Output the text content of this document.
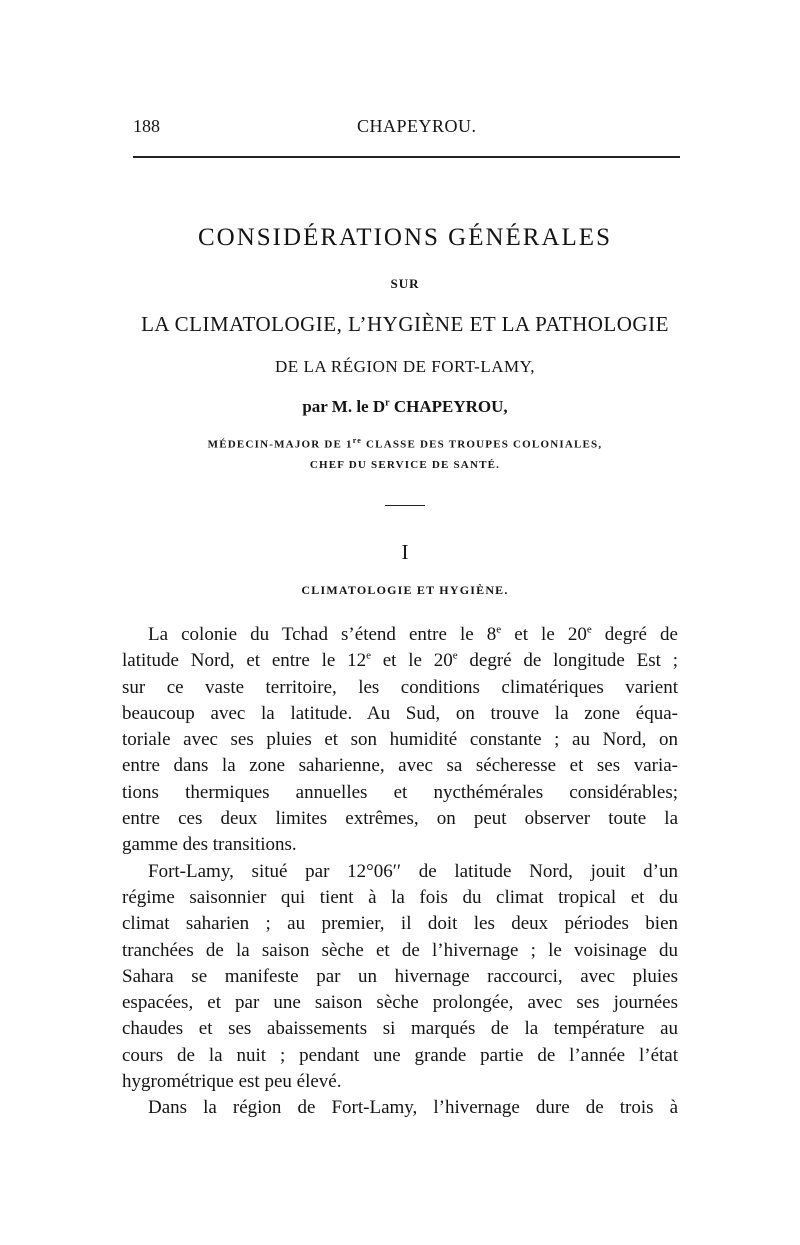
188	CHAPEYROU.
CONSIDÉRATIONS GÉNÉRALES
SUR
LA CLIMATOLOGIE, L’HYGIÈNE ET LA PATHOLOGIE
DE LA RÉGION DE FORT-LAMY,
par M. le $D^r$ CHAPEYROU,
MÉDECIN-MAJOR DE 1re CLASSE DES TROUPES COLONIALES,
CHEF DU SERVICE DE SANTÉ.
I
CLIMATOLOGIE ET HYGIÈNE.
La colonie du Tchad s’étend entre le 8e et le 20e degré de
latitude Nord, et entre le 12e et le 20e degré de longitude Est ;
sur ce vaste territoire, les conditions climatériques varient
beaucoup avec la latitude. Au Sud, on trouve la zone équa-
toriale avec ses pluies et son humidité constante ; au Nord, on
entre dans la zone saharienne, avec sa sécheresse et ses varia-
tions thermiques annuelles et nycthémérales considérables;
entre ces deux limites extrêmes, on peut observer toute la
gamme des transitions.
Fort-Lamy, situé par 12°06′′ de latitude Nord, jouit d’un
régime saisonnier qui tient à la fois du climat tropical et du
climat saharien ; au premier, il doit les deux périodes bien
tranchées de la saison sèche et de l’hivernage ; le voisinage du
Sahara se manifeste par un hivernage raccourci, avec pluies
espacées, et par une saison sèche prolongée, avec ses journées
chaudes et ses abaissements si marqués de la température au
cours de la nuit ; pendant une grande partie de l’année l’état
hygrométrique est peu élevé.
Dans la région de Fort-Lamy, l’hivernage dure de trois à
